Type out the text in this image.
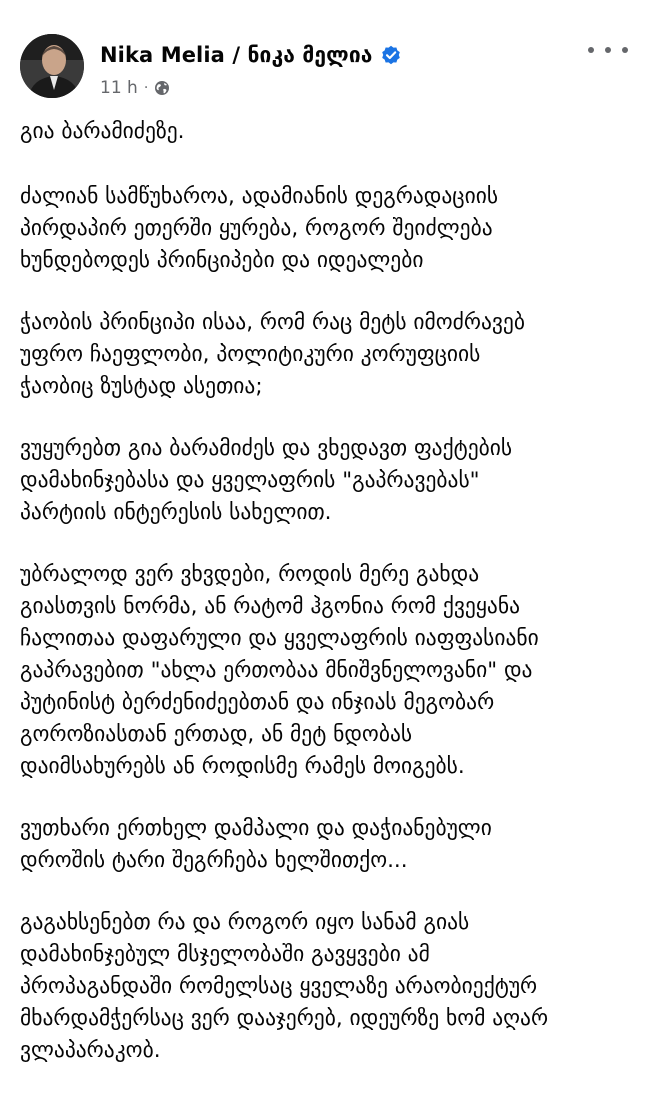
Nika Melia / ნიკა მელია
11 h ·

გია ბარამიძეზე.

ძალიან სამწუხაროა, ადამიანის დეგრადაციის
პირდაპირ ეთერში ყურება, როგორ შეიძლება
ხუნდებოდეს პრინციპები და იდეალები

ჭაობის პრინციპი ისაა, რომ რაც მეტს იმოძრავებ
უფრო ჩაეფლობი, პოლიტიკური კორუფციის
ჭაობიც ზუსტად ასეთია;

ვუყურებთ გია ბარამიძეს და ვხედავთ ფაქტების
დამახინჯებასა და ყველაფრის "გაპრავებას"
პარტიის ინტერესის სახელით.

უბრალოდ ვერ ვხვდები, როდის მერე გახდა
გიასთვის ნორმა, ან რატომ ჰგონია რომ ქვეყანა
ჩალითაა დაფარული და ყველაფრის იაფფასიანი
გაპრავებით "ახლა ერთობაა მნიშვნელოვანი" და
პუტინისტ ბერძენიძეებთან და ინჯიას მეგობარ
გოროზიასთან ერთად, ან მეტ ნდობას
დაიმსახურებს ან როდისმე რამეს მოიგებს.

ვუთხარი ერთხელ დამპალი და დაჭიანებული
დროშის ტარი შეგრჩება ხელშითქო...

გაგახსენებთ რა და როგორ იყო სანამ გიას
დამახინჯებულ მსჯელობაში გავყვები ამ
პროპაგანდაში რომელსაც ყველაზე არაობიექტურ
მხარდამჭერსაც ვერ დააჯერებ, იდეურზე ხომ აღარ
ვლაპარაკობ.
